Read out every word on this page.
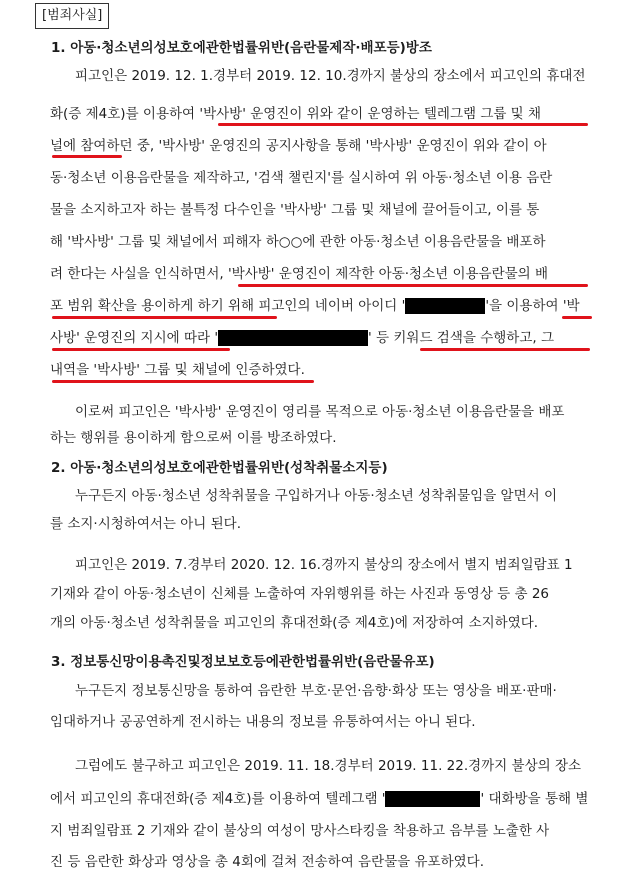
[범죄사실]
1. 아동·청소년의성보호에관한법률위반(음란물제작·배포등)방조
피고인은 2019. 12. 1.경부터 2019. 12. 10.경까지 불상의 장소에서 피고인의 휴대전
화(증 제4호)를 이용하여 '박사방' 운영진이 위와 같이 운영하는 텔레그램 그룹 및 채
널에 참여하던 중, '박사방' 운영진의 공지사항을 통해 '박사방' 운영진이 위와 같이 아
동·청소년 이용음란물을 제작하고, '검색 챌린지'를 실시하여 위 아동·청소년 이용 음란
물을 소지하고자 하는 불특정 다수인을 '박사방' 그룹 및 채널에 끌어들이고, 이를 통
해 '박사방' 그룹 및 채널에서 피해자 하○○에 관한 아동·청소년 이용음란물을 배포하
려 한다는 사실을 인식하면서, '박사방' 운영진이 제작한 아동·청소년 이용음란물의 배
포 범위 확산을 용이하게 하기 위해 피고인의 네이버 아이디 '	'을 이용하여 '박
사방' 운영진의 지시에 따라 '	' 등 키워드 검색을 수행하고, 그
내역을 '박사방' 그룹 및 채널에 인증하였다.
이로써 피고인은 '박사방' 운영진이 영리를 목적으로 아동·청소년 이용음란물을 배포
하는 행위를 용이하게 함으로써 이를 방조하였다.
2. 아동·청소년의성보호에관한법률위반(성착취물소지등)
누구든지 아동·청소년 성착취물을 구입하거나 아동·청소년 성착취물임을 알면서 이
를 소지·시청하여서는 아니 된다.
피고인은 2019. 7.경부터 2020. 12. 16.경까지 불상의 장소에서 별지 범죄일람표 1
기재와 같이 아동·청소년이 신체를 노출하여 자위행위를 하는 사진과 동영상 등 총 26
개의 아동·청소년 성착취물을 피고인의 휴대전화(증 제4호)에 저장하여 소지하였다.
3. 정보통신망이용촉진및정보보호등에관한법률위반(음란물유포)
누구든지 정보통신망을 통하여 음란한 부호·문언·음향·화상 또는 영상을 배포·판매·
임대하거나 공공연하게 전시하는 내용의 정보를 유통하여서는 아니 된다.
그럼에도 불구하고 피고인은 2019. 11. 18.경부터 2019. 11. 22.경까지 불상의 장소
에서 피고인의 휴대전화(증 제4호)를 이용하여 텔레그램 '	' 대화방을 통해 별
지 범죄일람표 2 기재와 같이 불상의 여성이 망사스타킹을 착용하고 음부를 노출한 사
진 등 음란한 화상과 영상을 총 4회에 걸쳐 전송하여 음란물을 유포하였다.
